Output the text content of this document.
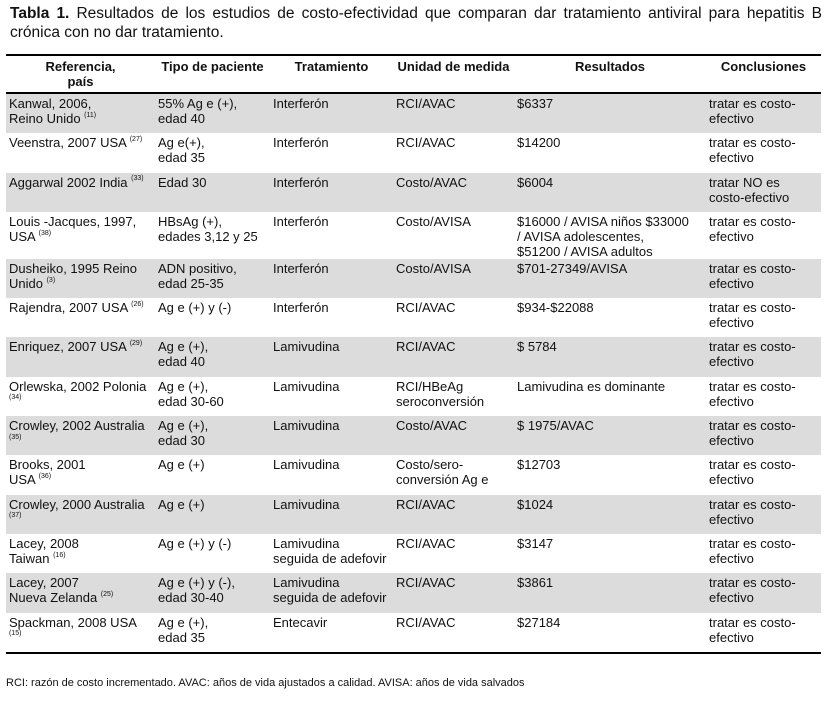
Tabla 1. Resultados de los estudios de costo-efectividad que comparan dar tratamiento antiviral para hepatitis B crónica con no dar tratamiento.
Referencia,
país	Tipo de paciente	Tratamiento	Unidad de medida	Resultados	Conclusiones
Kanwal, 2006,
Reino Unido $^{(11)}$	55% Ag e (+),
edad 40	Interferón	RCI/AVAC	$6337	tratar es costo-
efectivo
Veenstra, 2007 USA $^{(27)}$	Ag e(+),
edad 35	Interferón	RCI/AVAC	$14200	tratar es costo-
efectivo
Aggarwal 2002 India $^{(33)}$	Edad 30	Interferón	Costo/AVAC	$6004	tratar NO es
costo-efectivo
Louis -Jacques, 1997,
USA $^{(38)}$	HBsAg (+),
edades 3,12 y 25	Interferón	Costo/AVISA	$16000 / AVISA niños $33000
/ AVISA adolescentes,
$51200 / AVISA adultos	tratar es costo-
efectivo
Dusheiko, 1995 Reino
Unido $^{(3)}$	ADN positivo,
edad 25-35	Interferón	Costo/AVISA	$701-27349/AVISA	tratar es costo-
efectivo
Rajendra, 2007 USA $^{(26)}$	Ag e (+) y (-)	Interferón	RCI/AVAC	$934-$22088	tratar es costo-
efectivo
Enriquez, 2007 USA $^{(29)}$	Ag e (+),
edad 40	Lamivudina	RCI/AVAC	$ 5784	tratar es costo-
efectivo
Orlewska, 2002 Polonia
$^{(34)}$	Ag e (+),
edad 30-60	Lamivudina	RCI/HBeAg
seroconversión	Lamivudina es dominante	tratar es costo-
efectivo
Crowley, 2002 Australia
$^{(35)}$	Ag e (+),
edad 30	Lamivudina	Costo/AVAC	$ 1975/AVAC	tratar es costo-
efectivo
Brooks, 2001
USA $^{(36)}$	Ag e (+)	Lamivudina	Costo/sero-
conversión Ag e	$12703	tratar es costo-
efectivo
Crowley, 2000 Australia
$^{(37)}$	Ag e (+)	Lamivudina	RCI/AVAC	$1024	tratar es costo-
efectivo
Lacey, 2008
Taiwan $^{(16)}$	Ag e (+) y (-)	Lamivudina
seguida de adefovir	RCI/AVAC	$3147	tratar es costo-
efectivo
Lacey, 2007
Nueva Zelanda $^{(25)}$	Ag e (+) y (-),
edad 30-40	Lamivudina
seguida de adefovir	RCI/AVAC	$3861	tratar es costo-
efectivo
Spackman, 2008 USA
$^{(15)}$	Ag e (+),
edad 35	Entecavir	RCI/AVAC	$27184	tratar es costo-
efectivo
RCI: razón de costo incrementado. AVAC: años de vida ajustados a calidad. AVISA: años de vida salvados
